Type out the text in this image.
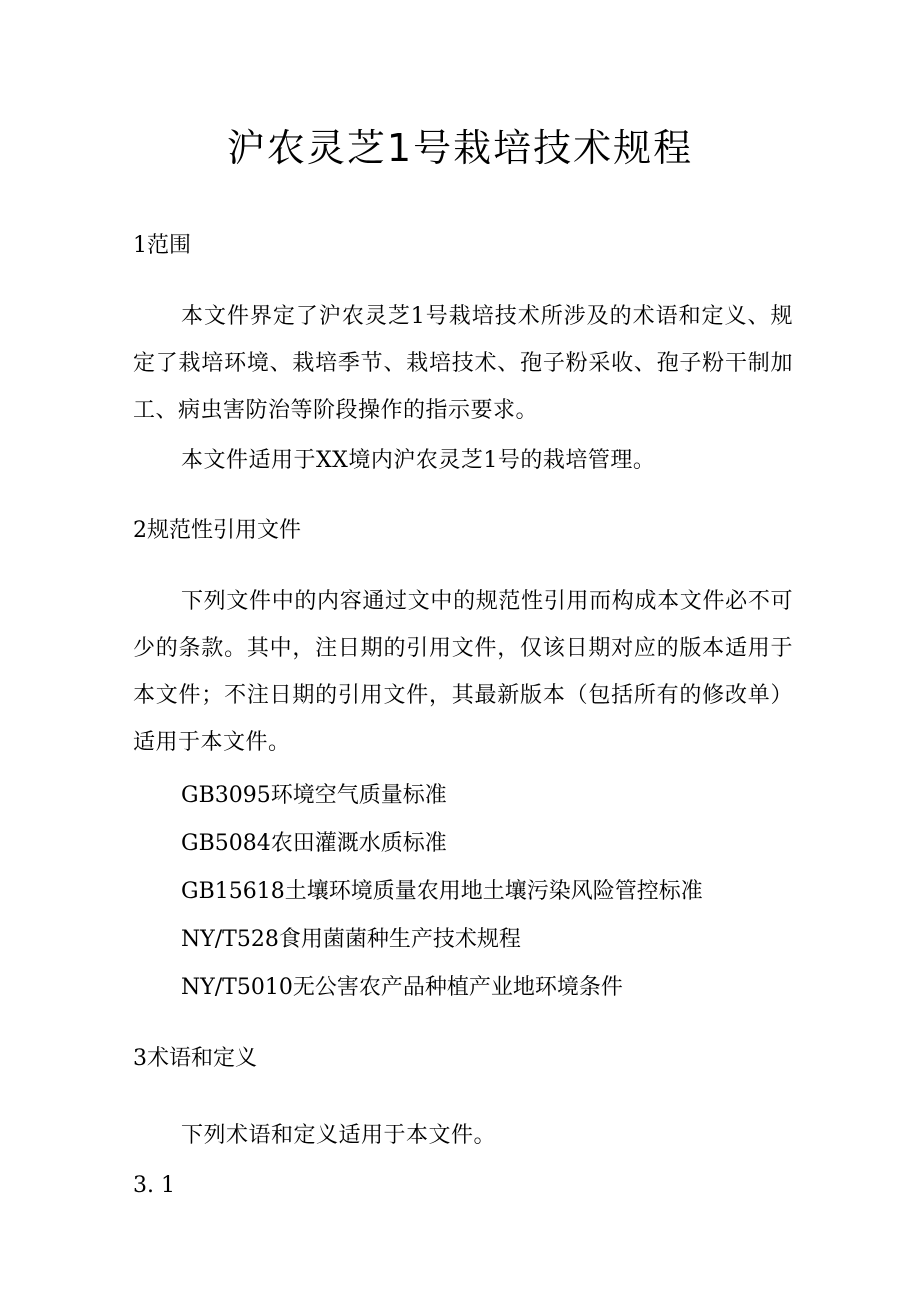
沪农灵芝1号栽培技术规程
1范围

本文件界定了沪农灵芝1号栽培技术所涉及的术语和定义、规定了栽培环境、栽培季节、栽培技术、孢子粉采收、孢子粉干制加工、病虫害防治等阶段操作的指示要求。

本文件适用于XX境内沪农灵芝1号的栽培管理。

2规范性引用文件

下列文件中的内容通过文中的规范性引用而构成本文件必不可少的条款。其中，注日期的引用文件，仅该日期对应的版本适用于本文件；不注日期的引用文件，其最新版本（包括所有的修改单）适用于本文件。

GB3095环境空气质量标准

GB5084农田灌溉水质标准

GB15618土壤环境质量农用地土壤污染风险管控标准

NY/T528食用菌菌种生产技术规程

NY/T5010无公害农产品种植产业地环境条件

3术语和定义

下列术语和定义适用于本文件。

3. 1
